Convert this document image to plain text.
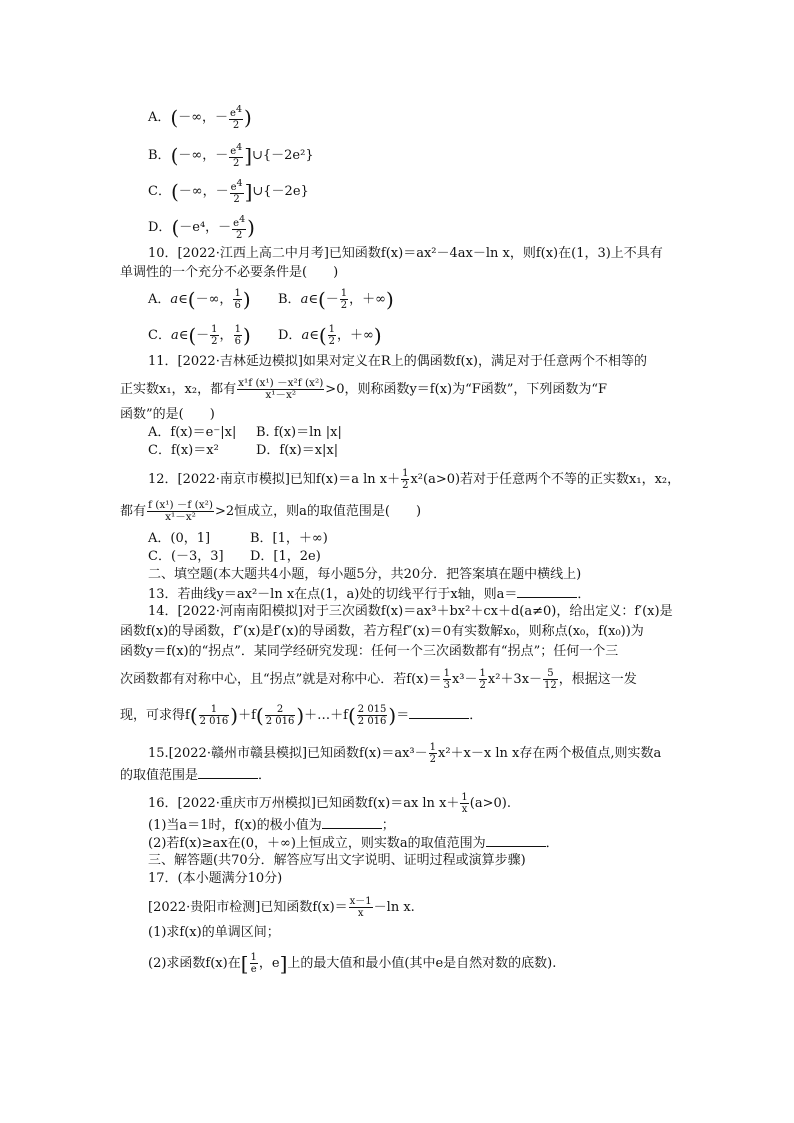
A．(－∞，－ $\frac{e4}{2}$ )
B．(－∞，－ $\frac{e4}{2}$ ]∪{－2e²}
C．(－∞，－ $\frac{e4}{2}$ ]∪{－2e}
D．(－e⁴，－ $\frac{e4}{2}$ )
10．[2022·江西上高二中月考]已知函数f(x)＝ax²－4ax－ln x，则f(x)在(1，3)上不具有
单调性的一个充分不必要条件是(　　)
A．a∈(－∞， $\frac{1}{6}$ ) B．a∈(－ $\frac{1}{2}$ ，＋∞)
C．a∈(－ $\frac{1}{2}$ ， $\frac{1}{6}$ ) D．a∈( $\frac{1}{2}$ ，＋∞)
11．[2022·吉林延边模拟]如果对定义在R上的偶函数f(x)，满足对于任意两个不相等的
正实数x₁，x₂，都有 $\frac{\text{x¹f (x¹) －x²f (x²)}}{\text{x¹－x²}} >0$，则称函数y＝f(x)为“F函数”，下列函数为“F
函数”的是(　　)
A．f(x)＝e⁻|x| B. f(x)＝ln |x|
C．f(x)＝x²	D．f(x)＝x|x|
12．[2022·南京市模拟]已知f(x)＝a $\ln x+ \frac{1}{2} x^2(a>0)$若对于任意两个不等的正实数x₁，x₂，
都有 $\frac{\text{f (x¹) －f (x²)}}{\text{x¹－x²}} >2$恒成立，则a的取值范围是(　　)
A．(0，1]	B．[1，＋∞)
C．(－3，3] D．[1，2e)
二、填空题(本大题共4小题，每小题5分，共20分．把答案填在题中横线上)
13．若曲线y＝ax²－ln x在点(1，a)处的切线平行于x轴，则a＝	．
14．[2022·河南南阳模拟]对于三次函数f(x)＝ax³＋bx²＋cx＋d(a≠0)，给出定义：f′(x)是
函数f(x)的导函数，f″(x)是f′(x)的导函数，若方程f″(x)＝0有实数解x₀，则称点(x₀，f(x₀))为
函数y＝f(x)的“拐点”．某同学经研究发现：任何一个三次函数都有“拐点”；任何一个三
次函数都有对称中心，且“拐点”就是对称中心．若$f(x)= \frac{1}{3} x^3- \frac{1}{2} x^2+3x- \frac{5}{12}$ ，根据这一发
现，可求得$f( \frac{1}{2 016} )+f( \frac{2}{2 016}$ )＋…＋f( $\frac{2 015}{2 016}$ )＝	．
15.[2022·赣州市赣县模拟]已知函数$f(x)=ax^3- \frac{1}{2} x^2+x-x$ ln x存在两个极值点,则实数a
的取值范围是	．
16．[2022·重庆市万州模拟]已知函数f(x)＝ax $\ln x+ \frac{1}{x} (a>0)$.
(1)当a＝1时，f(x)的极小值为	；
(2)若f(x)≥ax在(0，＋∞)上恒成立，则实数a的取值范围为	．
三、解答题(共70分．解答应写出文字说明、证明过程或演算步骤)
17．(本小题满分10分)
[2022·贵阳市检测]已知函数$f(x)= \frac{x-1}{x} -\ln$ x.
(1)求f(x)的单调区间；
(2)求函数f(x)在[ $\frac{1}{e}$ ，e]上的最大值和最小值(其中e是自然对数的底数).
